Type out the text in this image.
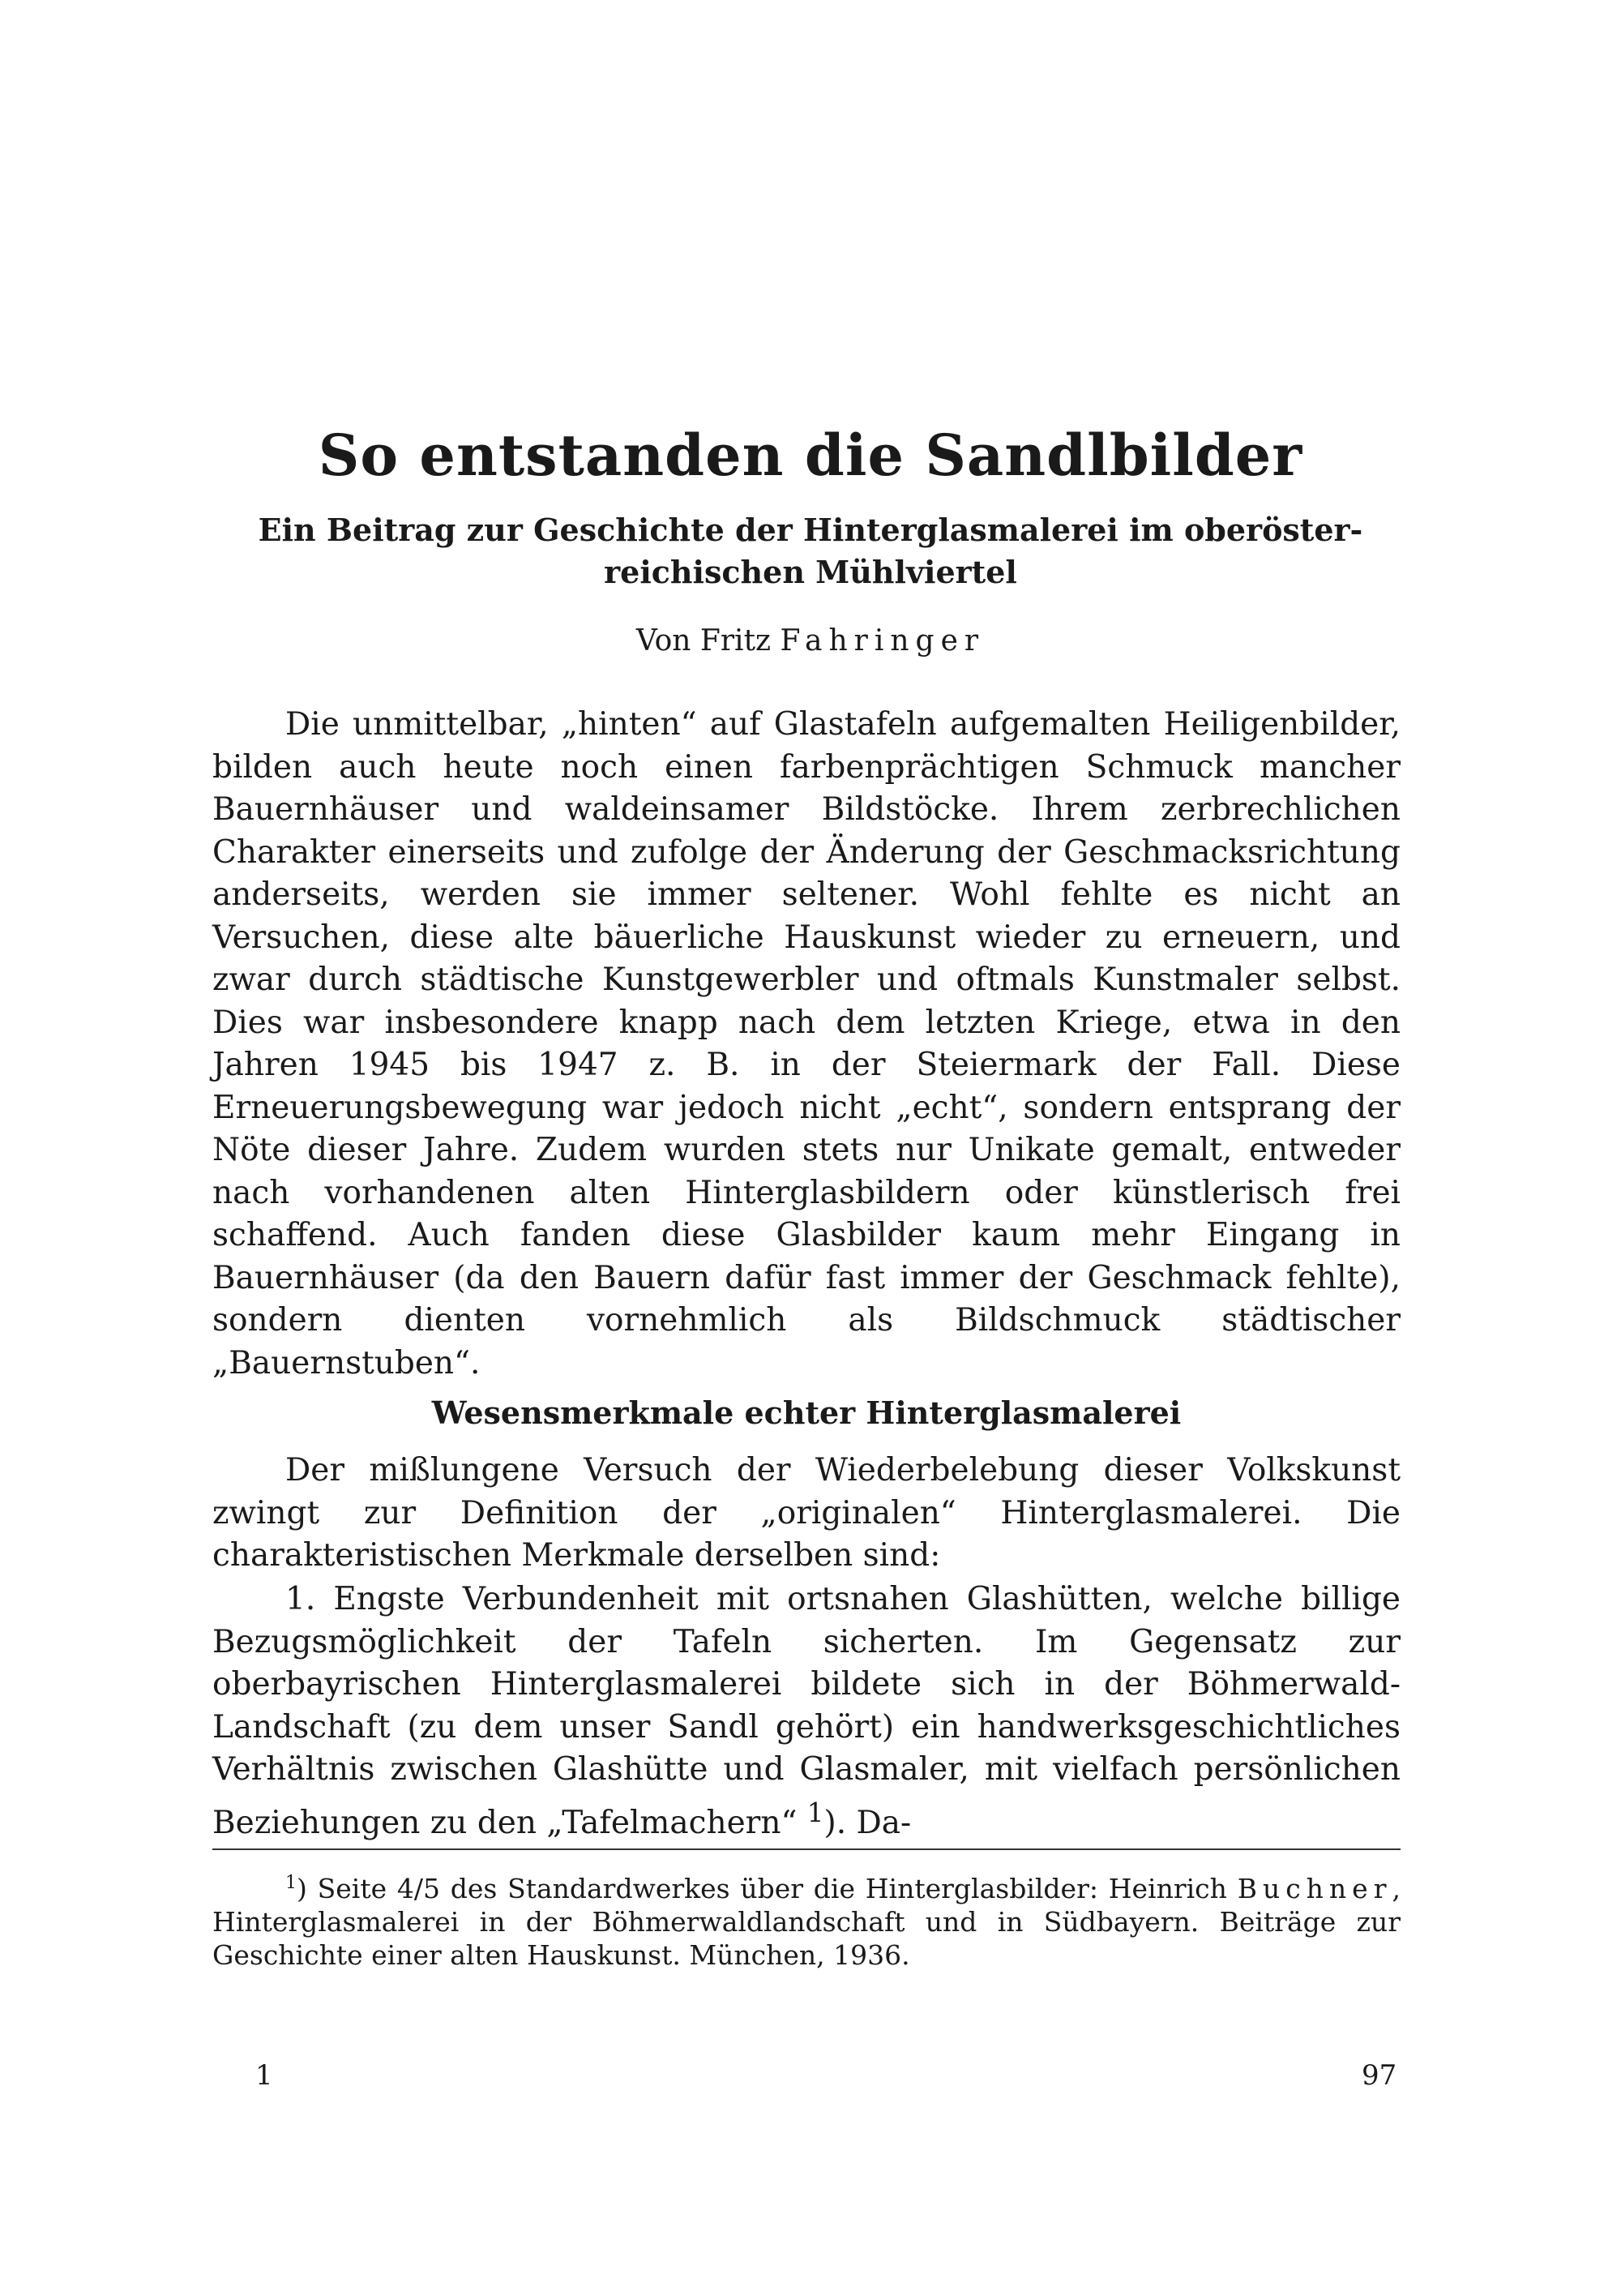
So entstanden die Sandlbilder

Ein Beitrag zur Geschichte der Hinterglasmalerei im oberöster- reichischen Mühlviertel

Von Fritz Fahringer

Die unmittelbar, „hinten“ auf Glastafeln aufgemalten Heiligenbilder, bilden auch heute noch einen farbenprächtigen Schmuck mancher Bauernhäuser und waldeinsamer Bildstöcke. Ihrem zerbrechlichen Charakter einerseits und zufolge der Änderung der Geschmacksrichtung anderseits, werden sie immer seltener. Wohl fehlte es nicht an Versuchen, diese alte bäuerliche Hauskunst wieder zu erneuern, und zwar durch städtische Kunstgewerbler und oftmals Kunstmaler selbst. Dies war insbesondere knapp nach dem letzten Kriege, etwa in den Jahren 1945 bis 1947 z. B. in der Steiermark der Fall. Diese Erneuerungsbewegung war jedoch nicht „echt“, sondern entsprang der Nöte dieser Jahre. Zudem wurden stets nur Unikate gemalt, entweder nach vorhandenen alten Hinterglasbildern oder künstlerisch frei schaffend. Auch fanden diese Glasbilder kaum mehr Eingang in Bauernhäuser (da den Bauern dafür fast immer der Geschmack fehlte), sondern dienten vornehmlich als Bildschmuck städtischer „Bauernstuben“.

Wesensmerkmale echter Hinterglasmalerei

Der mißlungene Versuch der Wiederbelebung dieser Volkskunst zwingt zur Definition der „originalen“ Hinterglasmalerei. Die charakteristischen Merkmale derselben sind:

1. Engste Verbundenheit mit ortsnahen Glashütten, welche billige Bezugsmöglichkeit der Tafeln sicherten. Im Gegensatz zur oberbayrischen Hinterglasmalerei bildete sich in der Böhmerwald-Landschaft (zu dem unser Sandl gehört) ein handwerksgeschichtliches Verhältnis zwischen Glashütte und Glasmaler, mit vielfach persönlichen Beziehungen zu den „Tafelmachern“ $^1$). Da-

$^1$) Seite 4/5 des Standardwerkes über die Hinterglasbilder: Heinrich Buchner, Hinterglasmalerei in der Böhmerwaldlandschaft und in Südbayern. Beiträge zur Geschichte einer alten Hauskunst. München, 1936.

1	97
